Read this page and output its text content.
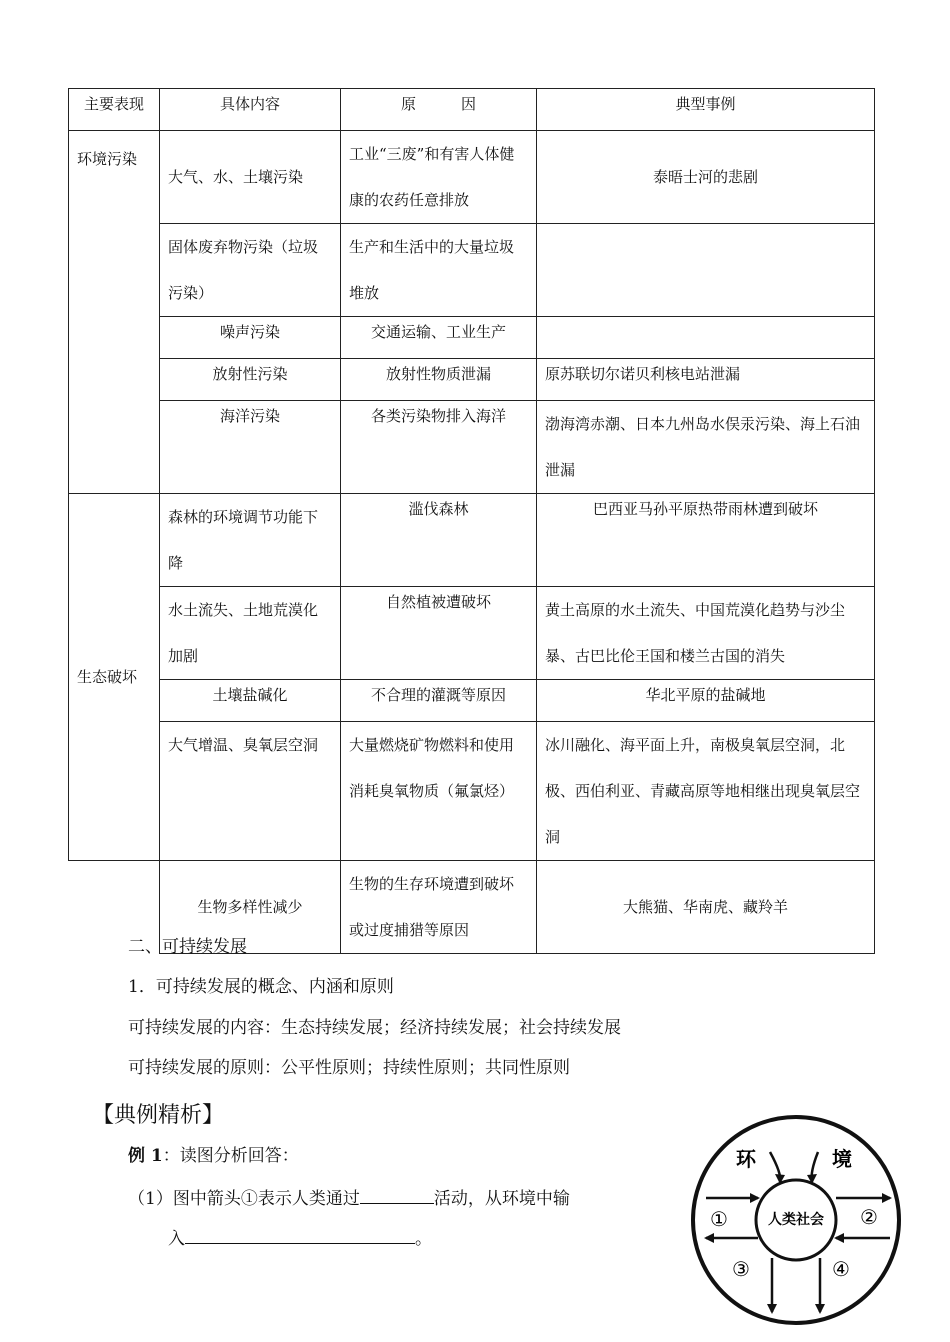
主要表现	具体内容	原　　　因	典型事例
环境污染	大气、水、土壤污染	工业“三废”和有害人体健康的农药任意排放	泰晤士河的悲剧
	固体废弃物污染（垃圾污染）	生产和生活中的大量垃圾堆放	
	噪声污染	交通运输、工业生产	
	放射性污染	放射性物质泄漏	原苏联切尔诺贝利核电站泄漏
	海洋污染	各类污染物排入海洋	渤海湾赤潮、日本九州岛水俣汞污染、海上石油泄漏
生态破坏	森林的环境调节功能下降	滥伐森林	巴西亚马孙平原热带雨林遭到破坏
	水土流失、土地荒漠化加剧	自然植被遭破坏	黄土高原的水土流失、中国荒漠化趋势与沙尘暴、古巴比伦王国和楼兰古国的消失
	土壤盐碱化	不合理的灌溉等原因	华北平原的盐碱地
	大气增温、臭氧层空洞	大量燃烧矿物燃料和使用消耗臭氧物质（氟氯烃）	冰川融化、海平面上升，南极臭氧层空洞，北极、西伯利亚、青藏高原等地相继出现臭氧层空洞
	生物多样性减少	生物的生存环境遭到破坏或过度捕猎等原因	大熊猫、华南虎、藏羚羊
二、可持续发展
1．可持续发展的概念、内涵和原则
可持续发展的内容：生态持续发展；经济持续发展；社会持续发展
可持续发展的原则：公平性原则；持续性原则；共同性原则
【典例精析】
例 1：读图分析回答：
（1）图中箭头①表示人类通过	活动，从环境中输
入	。
环	境
人类社会
①	②
③	④
